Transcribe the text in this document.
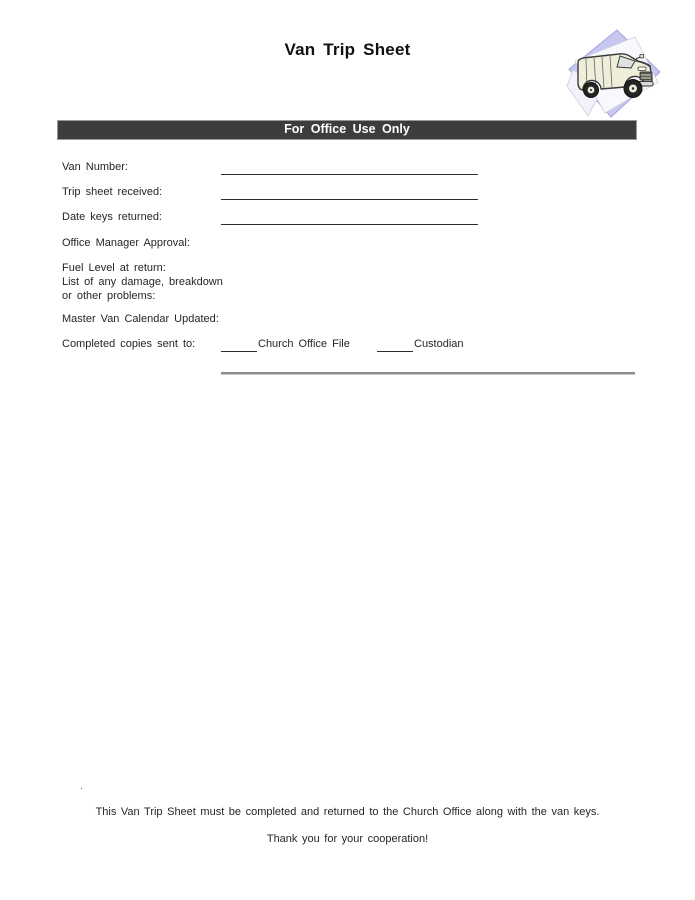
Van Trip Sheet
For Office Use Only
Van Number:
Trip sheet received:
Date keys returned:
Office Manager Approval:
Fuel Level at return:
List of any damage, breakdown
or other problems:
Master Van Calendar Updated:
Completed copies sent to:	Church Office File	Custodian
.
This Van Trip Sheet must be completed and returned to the Church Office along with the van keys.
Thank you for your cooperation!
